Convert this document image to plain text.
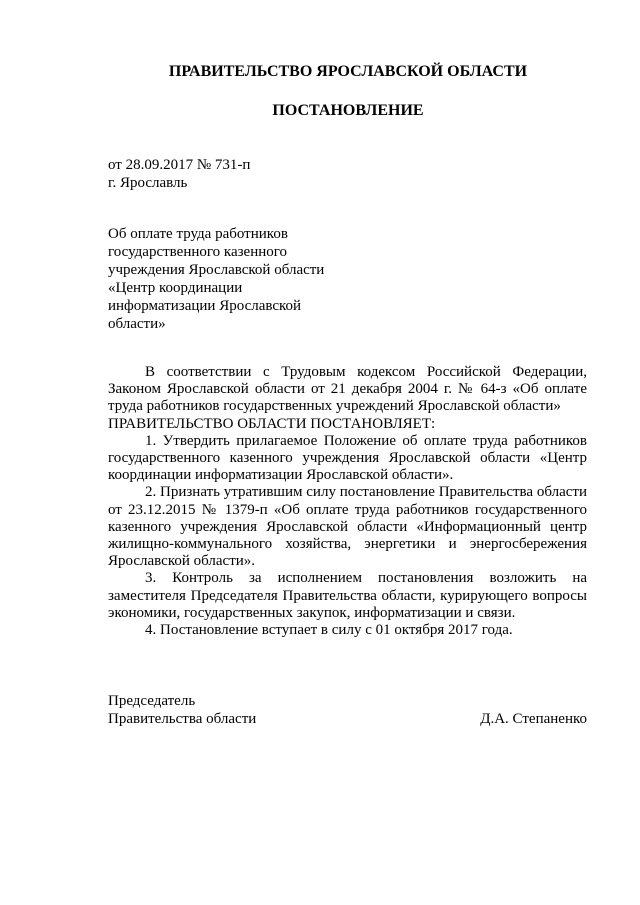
ПРАВИТЕЛЬСТВО ЯРОСЛАВСКОЙ ОБЛАСТИ
ПОСТАНОВЛЕНИЕ
от 28.09.2017 № 731-п
г. Ярославль
Об оплате труда работников
государственного казенного
учреждения Ярославской области
«Центр координации
информатизации Ярославской
области»

В соответствии с Трудовым кодексом Российской Федерации, Законом Ярославской области от 21 декабря 2004 г. № 64-з «Об оплате труда работников государственных учреждений Ярославской области»

ПРАВИТЕЛЬСТВО ОБЛАСТИ ПОСТАНОВЛЯЕТ:

1. Утвердить прилагаемое Положение об оплате труда работников государственного казенного учреждения Ярославской области «Центр координации информатизации Ярославской области».

2. Признать утратившим силу постановление Правительства области от 23.12.2015 № 1379-п «Об оплате труда работников государственного казенного учреждения Ярославской области «Информационный центр жилищно-коммунального хозяйства, энергетики и энергосбережения Ярославской области».

3. Контроль за исполнением постановления возложить на заместителя Председателя Правительства области, курирующего вопросы экономики, государственных закупок, информатизации и связи.

4. Постановление вступает в силу с 01 октября 2017 года.

Председатель
Правительства области	Д.А. Степаненко
